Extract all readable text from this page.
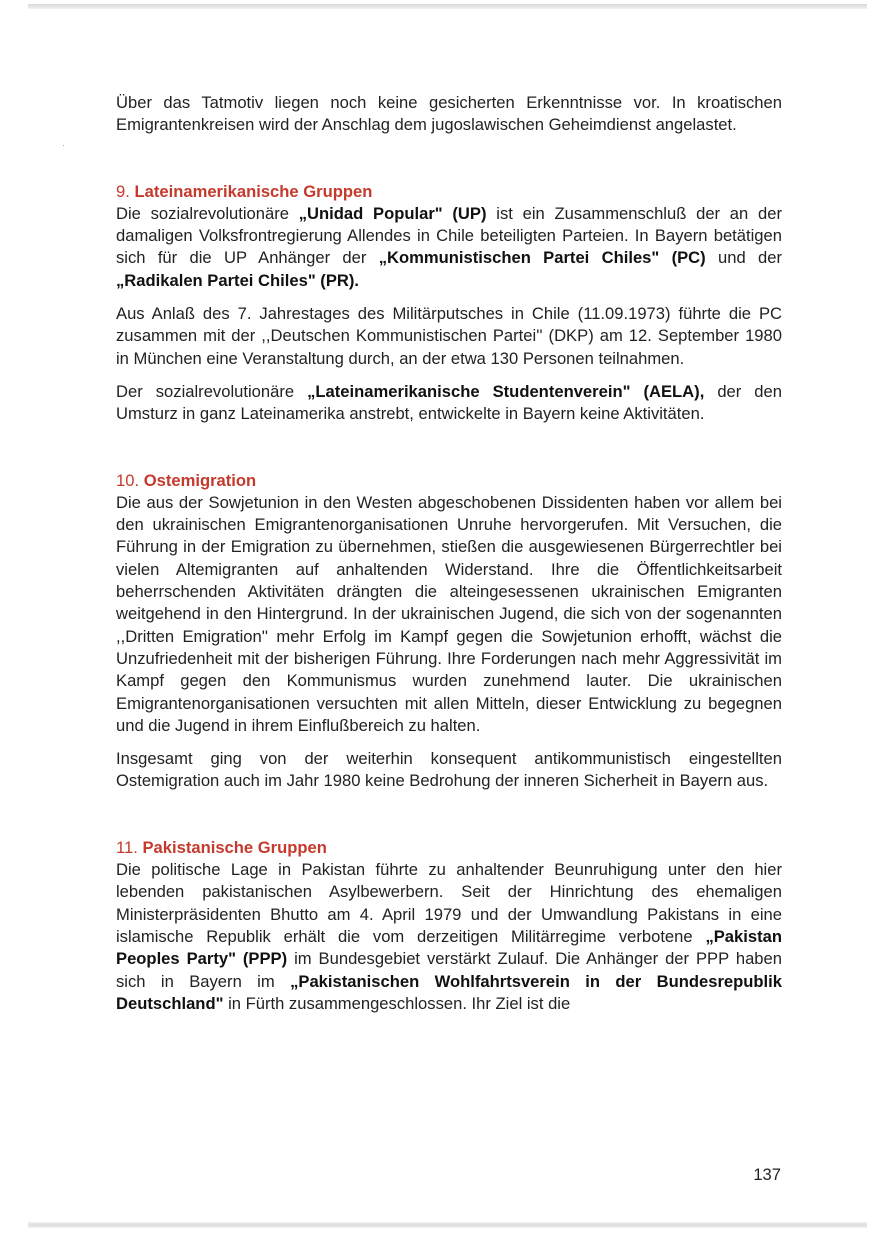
·

Über das Tatmotiv liegen noch keine gesicherten Erkenntnisse vor. In kroatischen Emigrantenkreisen wird der Anschlag dem jugoslawischen Geheimdienst angelastet.

9. Lateinamerikanische Gruppen

Die sozialrevolutionäre „Unidad Popular" (UP) ist ein Zusammenschluß der an der damaligen Volksfrontregierung Allendes in Chile beteiligten Parteien. In Bayern betätigen sich für die UP Anhänger der „Kommunistischen Partei Chiles" (PC) und der „Radikalen Partei Chiles" (PR).

Aus Anlaß des 7. Jahrestages des Militärputsches in Chile (11.09.1973) führte die PC zusammen mit der ,,Deutschen Kommunistischen Partei'' (DKP) am 12. September 1980 in München eine Veranstaltung durch, an der etwa 130 Personen teilnahmen.

Der sozialrevolutionäre „Lateinamerikanische Studentenverein" (AELA), der den Umsturz in ganz Lateinamerika anstrebt, entwickelte in Bayern keine Aktivitäten.

10. Ostemigration

Die aus der Sowjetunion in den Westen abgeschobenen Dissidenten haben vor allem bei den ukrainischen Emigrantenorganisationen Unruhe hervorgerufen. Mit Versuchen, die Führung in der Emigration zu übernehmen, stießen die ausgewiesenen Bürgerrechtler bei vielen Altemigranten auf anhaltenden Widerstand. Ihre die Öffentlichkeitsarbeit beherrschenden Aktivitäten drängten die alteingesessenen ukrainischen Emigranten weitgehend in den Hintergrund. In der ukrainischen Jugend, die sich von der sogenannten ,,Dritten Emigration'' mehr Erfolg im Kampf gegen die Sowjetunion erhofft, wächst die Unzufriedenheit mit der bisherigen Führung. Ihre Forderungen nach mehr Aggressivität im Kampf gegen den Kommunismus wurden zunehmend lauter. Die ukrainischen Emigrantenorganisationen versuchten mit allen Mitteln, dieser Entwicklung zu begegnen und die Jugend in ihrem Einflußbereich zu halten.

Insgesamt ging von der weiterhin konsequent antikommunistisch eingestellten Ostemigration auch im Jahr 1980 keine Bedrohung der inneren Sicherheit in Bayern aus.

11. Pakistanische Gruppen

Die politische Lage in Pakistan führte zu anhaltender Beunruhigung unter den hier lebenden pakistanischen Asylbewerbern. Seit der Hinrichtung des ehemaligen Ministerpräsidenten Bhutto am 4. April 1979 und der Umwandlung Pakistans in eine islamische Republik erhält die vom derzeitigen Militärregime verbotene „Pakistan Peoples Party" (PPP) im Bundesgebiet verstärkt Zulauf. Die Anhänger der PPP haben sich in Bayern im „Pakistanischen Wohlfahrtsverein in der Bundesrepublik Deutschland" in Fürth zusammengeschlossen. Ihr Ziel ist die

137
